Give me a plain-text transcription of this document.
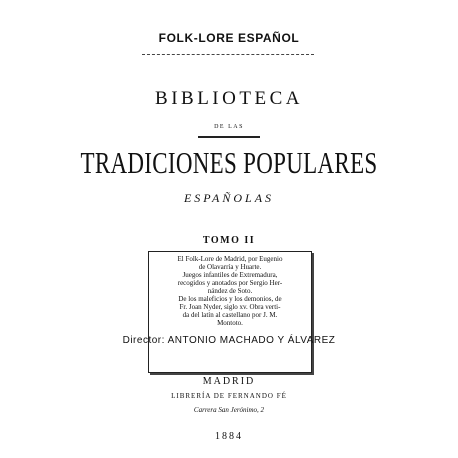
FOLK-LORE ESPAÑOL
BIBLIOTECA
DE LAS
TRADICIONES POPULARES
ESPAÑOLAS
TOMO II
El Folk-Lore de Madrid, por Eugenio
de Olavarría y Huarte.
Juegos infantiles de Extremadura,
recogidos y anotados por Sergio Her-
nández de Soto.
De los maleficios y los demonios, de
Fr. Joan Nyder, siglo xv. Obra verti-
da del latín al castellano por J. M.
Montoto.
Director: ANTONIO MACHADO Y ÁLVAREZ
MADRID
LIBRERÍA DE FERNANDO FÉ
Carrera San Jerónimo, 2
1884
